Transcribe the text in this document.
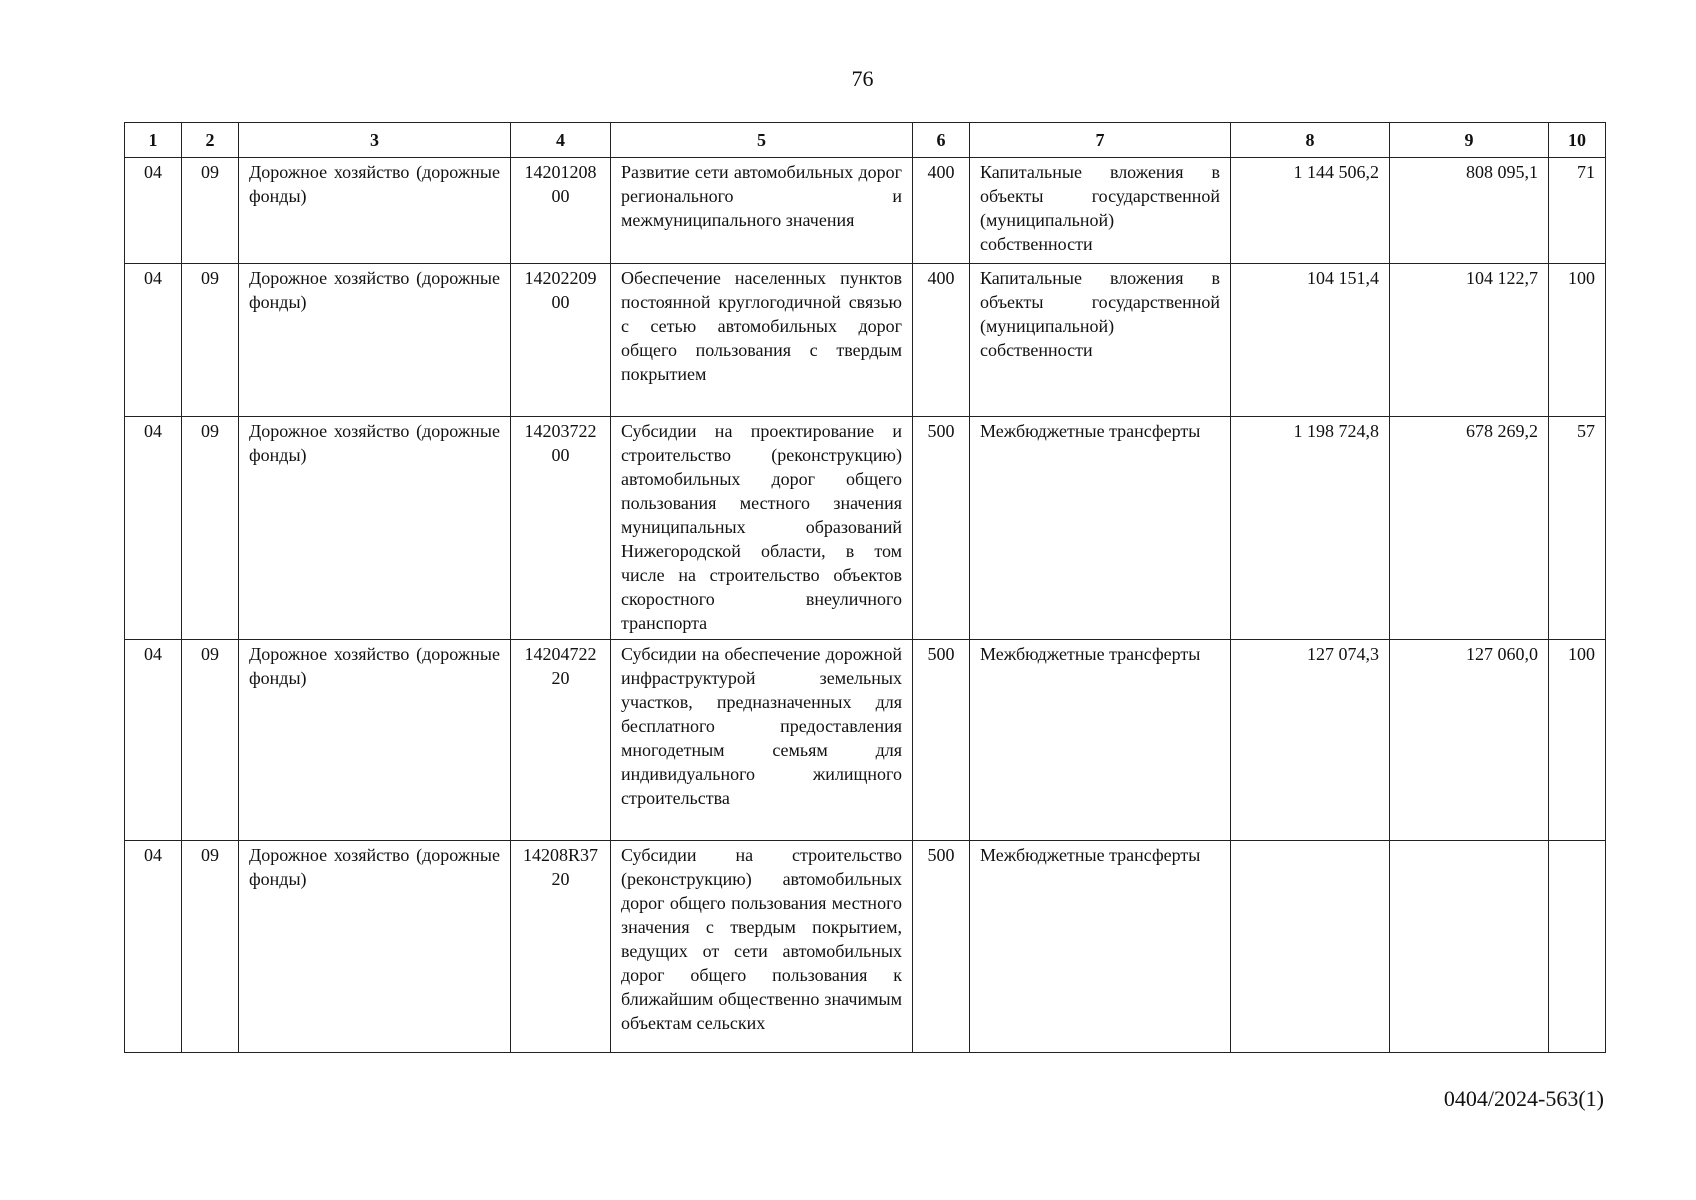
76
1	2	3	4	5	6	7	8	9	10
04	09	Дорожное хозяйство (дорожные фонды)	1420120800	Развитие сети автомобильных дорог регионального и межмуниципального значения	400	Капитальные вложения в объекты государственной (муниципальной) собственности	1 144 506,2	808 095,1	71
04	09	Дорожное хозяйство (дорожные фонды)	1420220900	Обеспечение населенных пунктов постоянной круглогодичной связью с сетью автомобильных дорог общего пользования с твердым покрытием	400	Капитальные вложения в объекты государственной (муниципальной) собственности	104 151,4	104 122,7	100
04	09	Дорожное хозяйство (дорожные фонды)	1420372200	Субсидии на проектирование и строительство (реконструкцию) автомобильных дорог общего пользования местного значения муниципальных образований Нижегородской области, в том числе на строительство объектов скоростного внеуличного транспорта	500	Межбюджетные трансферты	1 198 724,8	678 269,2	57
04	09	Дорожное хозяйство (дорожные фонды)	1420472220	Субсидии на обеспечение дорожной инфраструктурой земельных участков, предназначенных для бесплатного предоставления многодетным семьям для индивидуального жилищного строительства	500	Межбюджетные трансферты	127 074,3	127 060,0	100
04	09	Дорожное хозяйство (дорожные фонды)	14208R3720	Субсидии на строительство (реконструкцию) автомобильных дорог общего пользования местного значения с твердым покрытием, ведущих от сети автомобильных дорог общего пользования к ближайшим общественно значимым объектам сельских	500	Межбюджетные трансферты			
0404/2024-563(1)
